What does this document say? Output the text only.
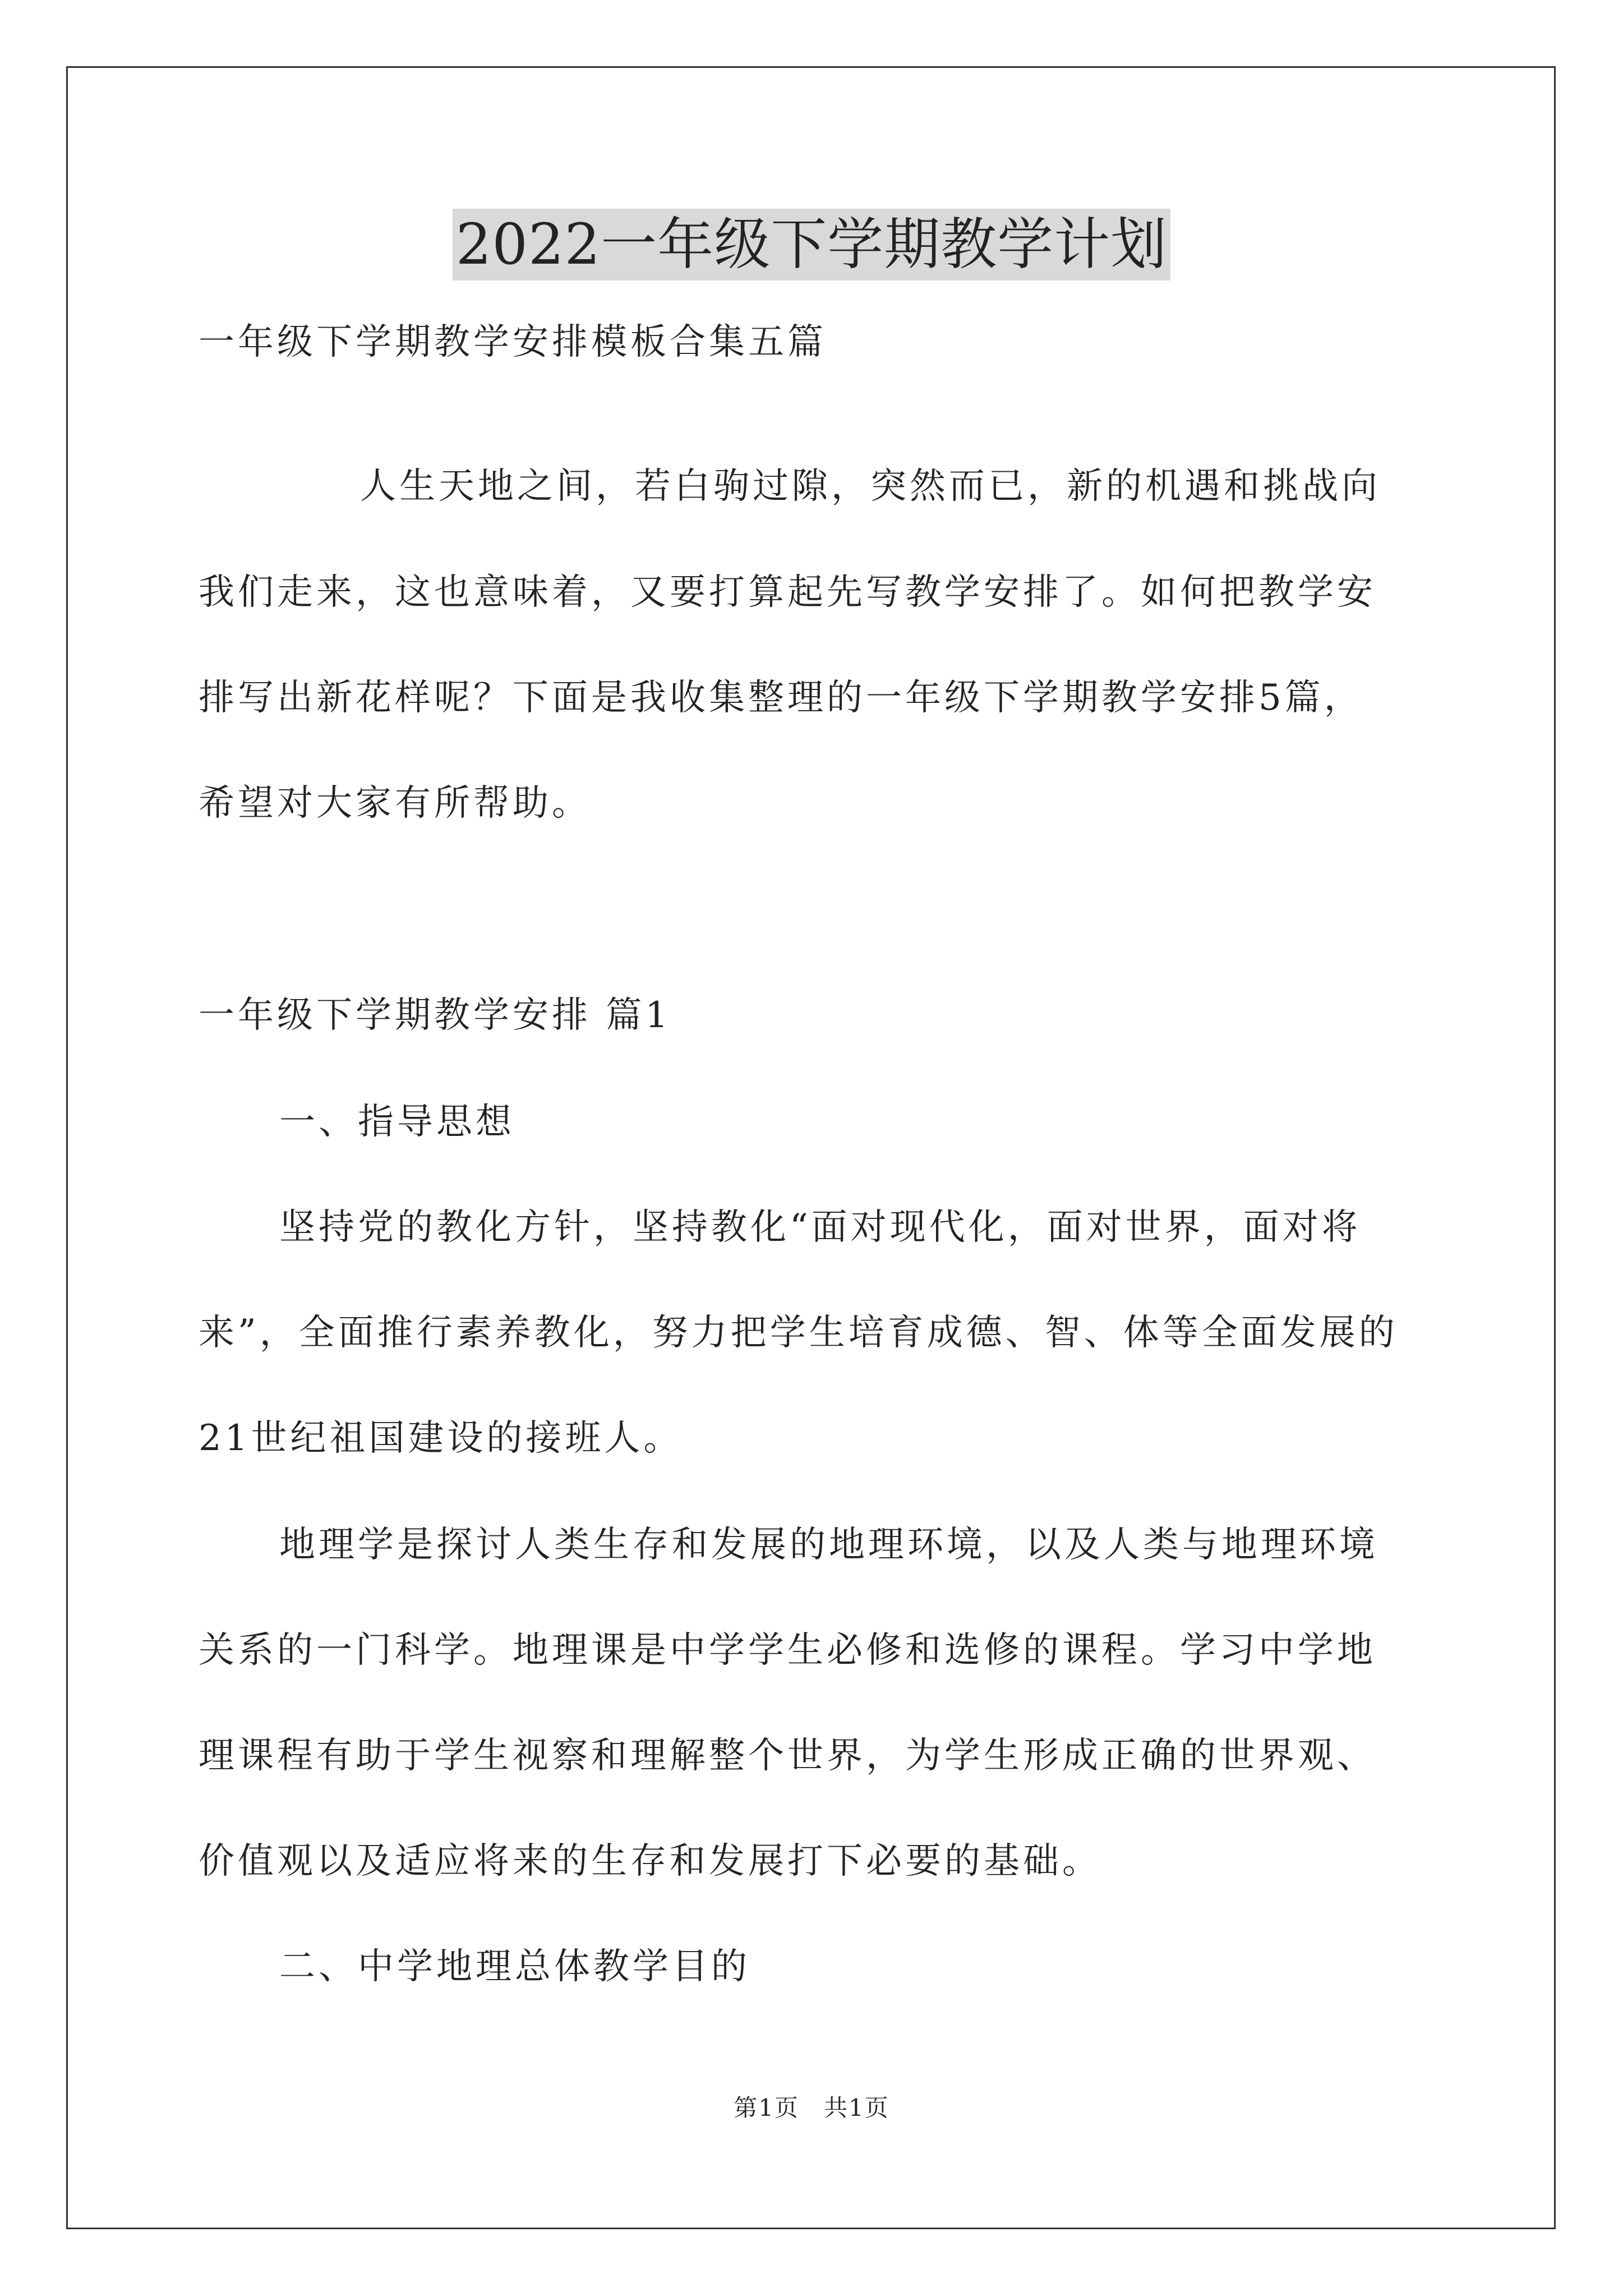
2022一年级下学期教学计划
一年级下学期教学安排模板合集五篇
人生天地之间，若白驹过隙，突然而已，新的机遇和挑战向
我们走来，这也意味着，又要打算起先写教学安排了。如何把教学安
排写出新花样呢？下面是我收集整理的一年级下学期教学安排5篇，
希望对大家有所帮助。
一年级下学期教学安排 篇1
一、指导思想
坚持党的教化方针，坚持教化“面对现代化，面对世界，面对将
来”，全面推行素养教化，努力把学生培育成德、智、体等全面发展的
21世纪祖国建设的接班人。
地理学是探讨人类生存和发展的地理环境，以及人类与地理环境
关系的一门科学。地理课是中学学生必修和选修的课程。学习中学地
理课程有助于学生视察和理解整个世界，为学生形成正确的世界观、
价值观以及适应将来的生存和发展打下必要的基础。
二、中学地理总体教学目的
第1页 共1页
